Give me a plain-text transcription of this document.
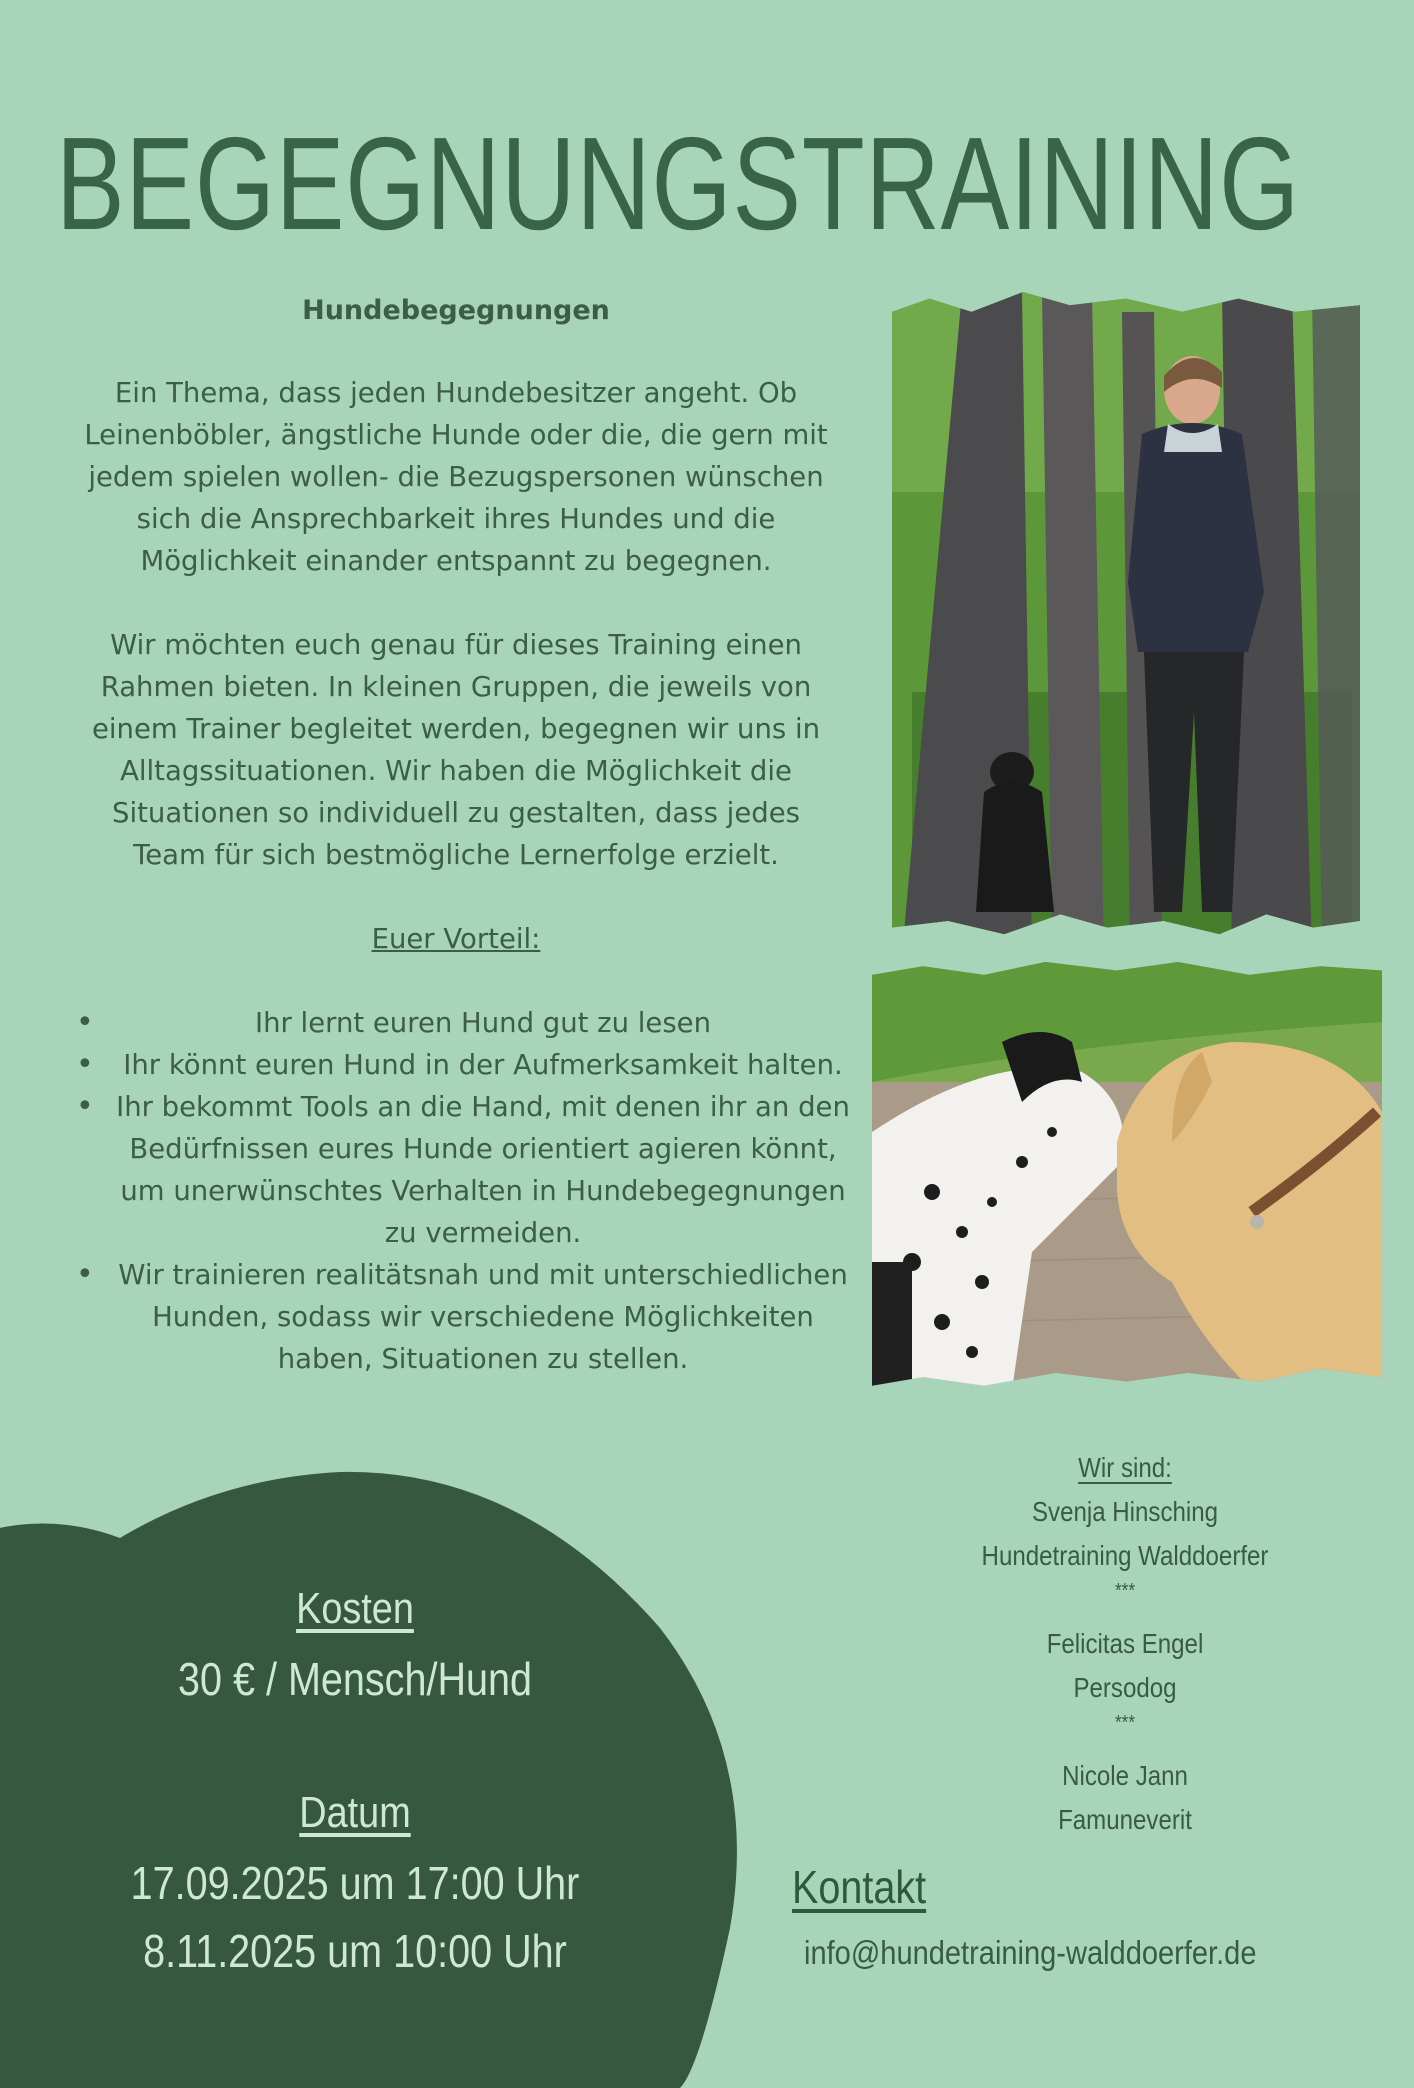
BEGEGNUNGSTRAINING
Hundebegegnungen
Ein Thema, dass jeden Hundebesitzer angeht. Ob
Leinenböbler, ängstliche Hunde oder die, die gern mit
jedem spielen wollen- die Bezugspersonen wünschen
sich die Ansprechbarkeit ihres Hundes und die
Möglichkeit einander entspannt zu begegnen.
Wir möchten euch genau für dieses Training einen
Rahmen bieten. In kleinen Gruppen, die jeweils von
einem Trainer begleitet werden, begegnen wir uns in
Alltagssituationen. Wir haben die Möglichkeit die
Situationen so individuell zu gestalten, dass jedes
Team für sich bestmögliche Lernerfolge erzielt.
Euer Vorteil:
• Ihr lernt euren Hund gut zu lesen
• Ihr könnt euren Hund in der Aufmerksamkeit halten.
• Ihr bekommt Tools an die Hand, mit denen ihr an den Bedürfnissen eures Hunde orientiert agieren könnt, um unerwünschtes Verhalten in Hundebegegnungen zu vermeiden.
• Wir trainieren realitätsnah und mit unterschiedlichen Hunden, sodass wir verschiedene Möglichkeiten haben, Situationen zu stellen.
Kosten
30 € / Mensch/Hund
Datum
17.09.2025 um 17:00 Uhr
8.11.2025 um 10:00 Uhr
Wir sind:
Svenja Hinsching
Hundetraining Walddoerfer
***
Felicitas Engel
Persodog
***
Nicole Jann
Famuneverit
Kontakt
info@hundetraining-walddoerfer.de
